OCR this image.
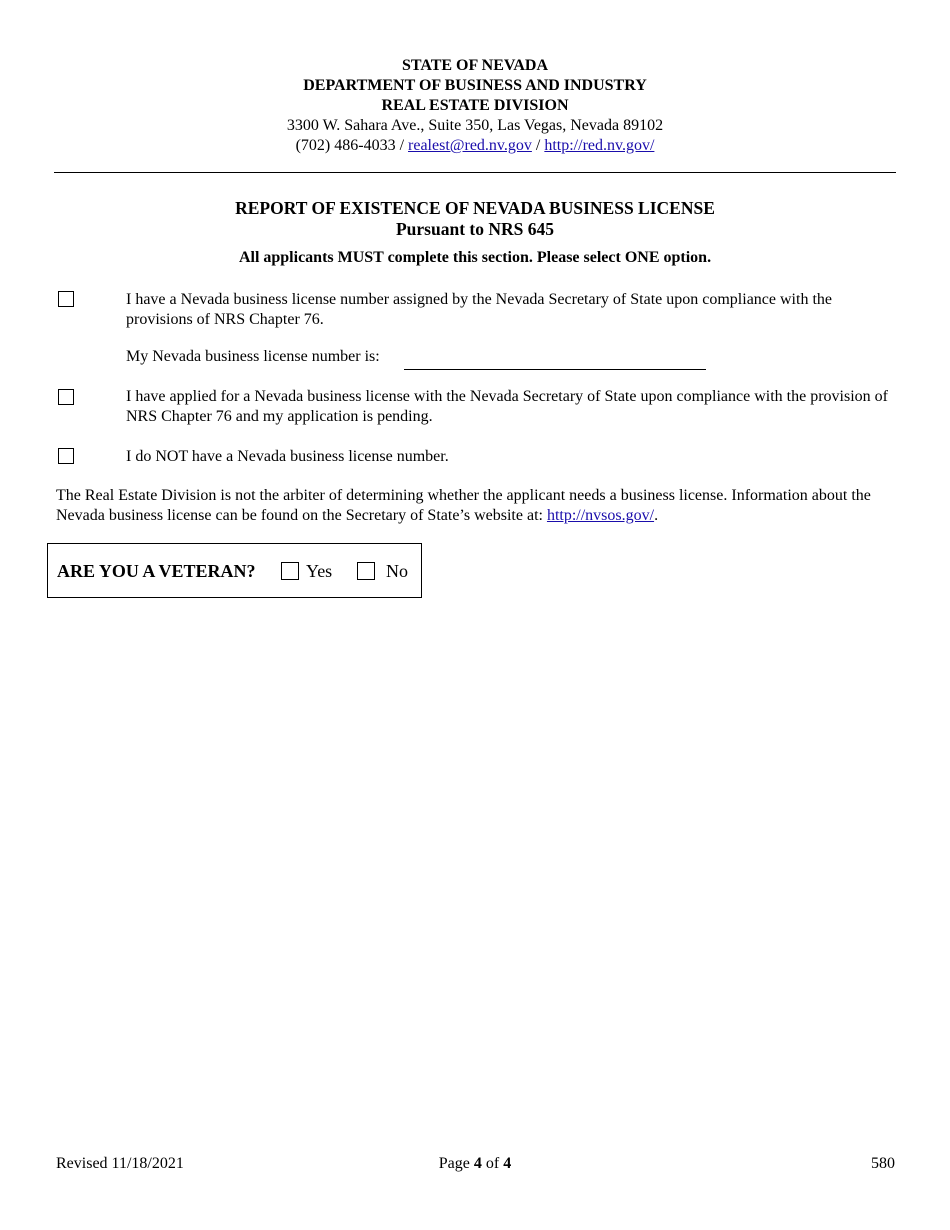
STATE OF NEVADA
DEPARTMENT OF BUSINESS AND INDUSTRY
REAL ESTATE DIVISION
3300 W. Sahara Ave., Suite 350, Las Vegas, Nevada 89102
(702) 486-4033 / realest@red.nv.gov / http://red.nv.gov/
REPORT OF EXISTENCE OF NEVADA BUSINESS LICENSE
Pursuant to NRS 645
All applicants MUST complete this section. Please select ONE option.
I have a Nevada business license number assigned by the Nevada Secretary of State upon compliance with the provisions of NRS Chapter 76.
My Nevada business license number is:
I have applied for a Nevada business license with the Nevada Secretary of State upon compliance with the provision of NRS Chapter 76 and my application is pending.
I do NOT have a Nevada business license number.
The Real Estate Division is not the arbiter of determining whether the applicant needs a business license. Information about the Nevada business license can be found on the Secretary of State’s website at: http://nvsos.gov/.
ARE YOU A VETERAN?	Yes	No
Revised 11/18/2021	Page 4 of 4	580
